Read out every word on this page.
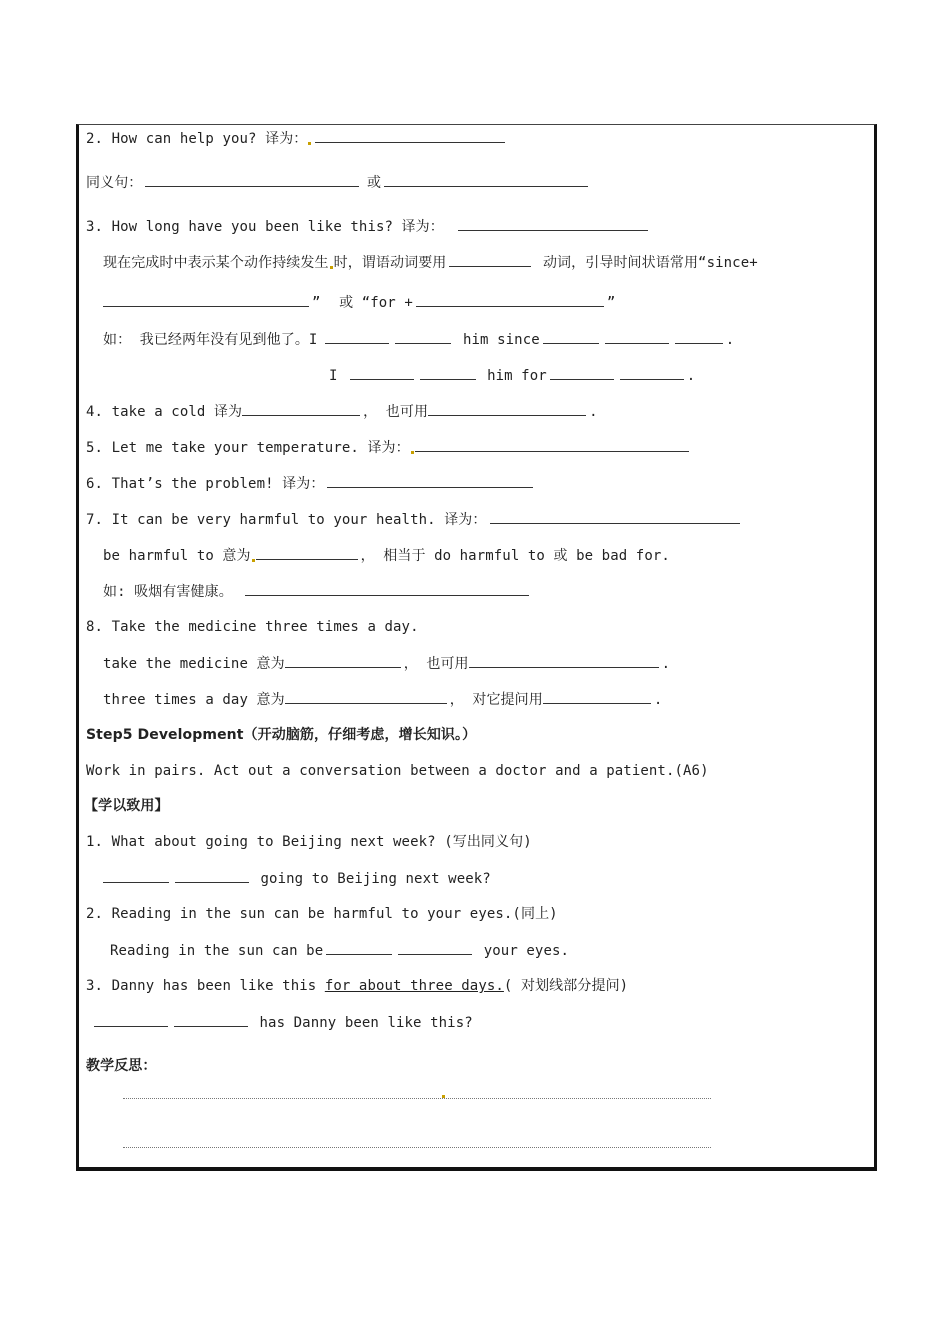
2. How can help you? 译为：
同义句：	或
3. How long have you been like this? 译为：
现在完成时中表示某个动作持续发生 时，谓语动词要用	动词，引导时间状语常用“since+
” 或 “for +	”
如： 我已经两年没有见到他了。I	him since	.
I	him for	.
4. take a cold 译为	， 也可用	.
5. Let me take your temperature. 译为：
6. That’s the problem! 译为：
7. It can be very harmful to your health. 译为：
be harmful to 意为	， 相当于 do harmful to 或 be bad for.
如: 吸烟有害健康。
8. Take the medicine three times a day.
take the medicine 意为	， 也可用	.
three times a day 意为	， 对它提问用	.
Step5 Development（开动脑筋，仔细考虑，增长知识。）
Work in pairs. Act out a conversation between a doctor and a patient.(A6)
【学以致用】
1. What about going to Beijing next week? (写出同义句)
going to Beijing next week?
2. Reading in the sun can be harmful to your eyes.(同上)
Reading in the sun can be	your eyes.
3. Danny has been like this for about three days.( 对划线部分提问)
has Danny been like this?
教学反思：
